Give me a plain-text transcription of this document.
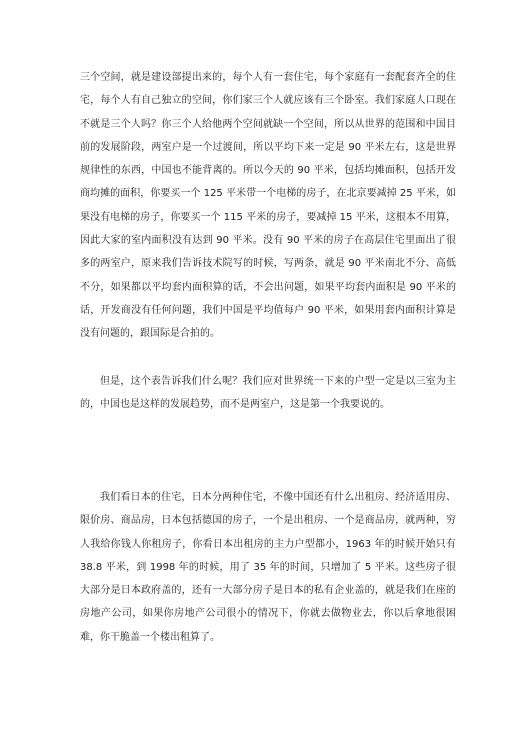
三个空间，就是建设部提出来的，每个人有一套住宅，每个家庭有一套配套齐全的住宅，每个人有自己独立的空间，你们家三个人就应该有三个卧室。我们家庭人口现在不就是三个人吗？你三个人给他两个空间就缺一个空间，所以从世界的范围和中国目前的发展阶段，两室户是一个过渡间，所以平均下来一定是 90 平米左右，这是世界规律性的东西，中国也不能背离的。所以今天的 90 平米，包括均摊面积，包括开发商均摊的面积，你要买一个 125 平米带一个电梯的房子，在北京要减掉 25 平米，如果没有电梯的房子，你要买一个 115 平米的房子，要减掉 15 平米，这根本不用算，因此大家的室内面积没有达到 90 平米。没有 90 平米的房子在高层住宅里面出了很多的两室户，原来我们告诉技术院写的时候，写两条，就是 90 平米南北不分、高低不分，如果都以平均套内面积算的话，不会出问题，如果平均套内面积是 90 平米的话，开发商没有任何问题，我们中国是平均值每户 90 平米，如果用套内面积计算是没有问题的，跟国际是合拍的。

但是，这个表告诉我们什么呢？我们应对世界统一下来的户型一定是以三室为主的，中国也是这样的发展趋势，而不是两室户，这是第一个我要说的。

我们看日本的住宅，日本分两种住宅，不像中国还有什么出租房、经济适用房、限价房、商品房，日本包括德国的房子，一个是出租房、一个是商品房，就两种，穷人我给你钱人你租房子，你看日本出租房的主力户型都小，1963 年的时候开始只有 38.8 平米，到 1998 年的时候，用了 35 年的时间，只增加了 5 平米。这些房子很大部分是日本政府盖的，还有一大部分房子是日本的私有企业盖的，就是我们在座的房地产公司，如果你房地产公司很小的情况下，你就去做物业去，你以后拿地很困难，你干脆盖一个楼出租算了。
